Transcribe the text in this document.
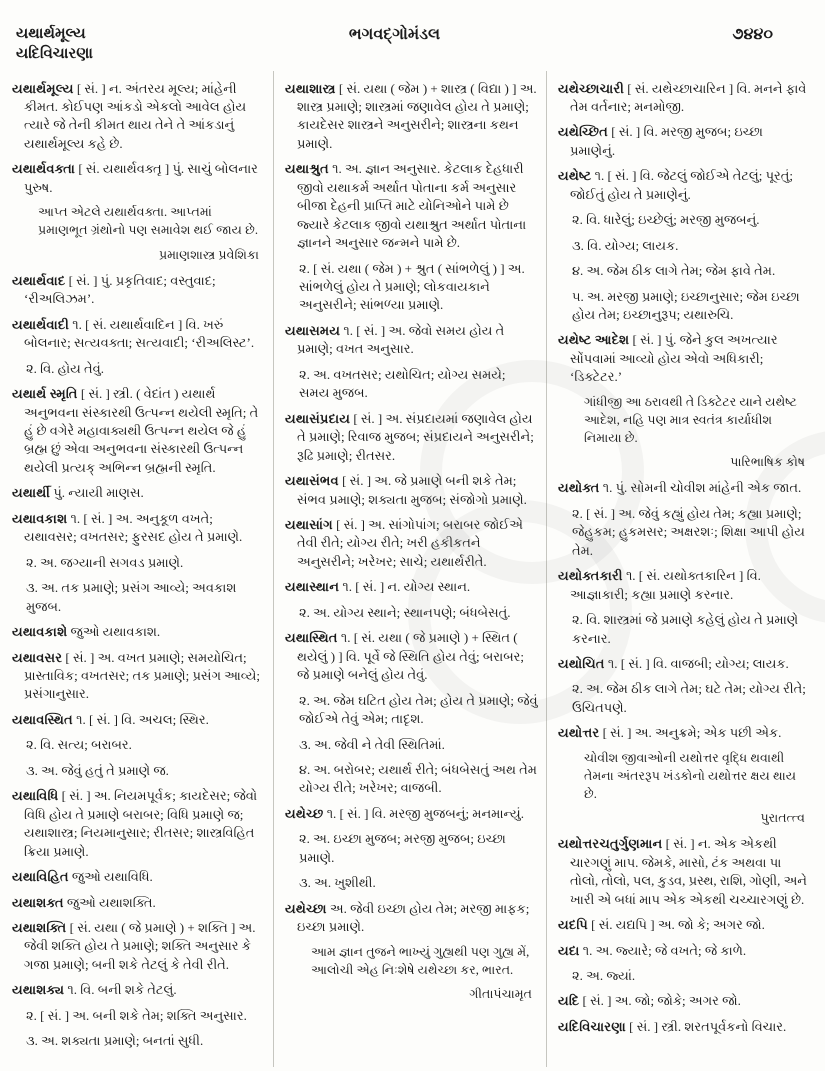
યથાર્થમૂલ્ય
યદિવિચારણા
ભગવદ્ગોમંડલ	૭૪૪૦

યથાર્થમૂલ્ય [ સં. ] ન. અંતરય મૂલ્ય; માંહેની કીમત. કોઈપણ આંકડો એકલો આવેલ હોય ત્યારે જે તેની કીમત થાય તેને તે આંકડાનું યથાર્થમૂલ્ય કહે છે.

યથાર્થવક્તા [ સં. યથાર્થવક્તૃ ] પું. સાચું બોલનાર પુરુષ.

આપ્ત એટલે યથાર્થવક્તા. આપ્તમાં પ્રમાણભૂત ગ્રંથોનો પણ સમાવેશ થઈ જાય છે.

પ્રમાણશાસ્ત્ર પ્રવેશિકા

યથાર્થવાદ [ સં. ] પું. પ્રકૃતિવાદ; વસ્તુવાદ; ‘રીઅલિઝમ’.

યથાર્થવાદી ૧. [ સં. યથાર્થવાદિન ] વિ. ખરું બોલનાર; સત્યવક્તા; સત્યવાદી; ‘રીઅલિસ્ટ’.

૨. વિ. હોય તેવું.

યથાર્થ સ્મૃતિ [ સં. ] સ્ત્રી. ( વેદાંત ) યથાર્થ અનુભવના સંસ્કારથી ઉત્પન્ન થયેલી સ્મૃતિ; તે હું છે વગેરે મહાવાક્યથી ઉત્પન્ન થયેલ જે હું બ્રહ્મ છું એવા અનુભવના સંસ્કારથી ઉત્પન્ન થયેલી પ્રત્યક્ અભિન્ન બ્રહ્મની સ્મૃતિ.

યથાર્થી પું. ન્યાયી માણસ.

યથાવકાશ ૧. [ સં. ] અ. અનુકૂળ વખતે; યથાવસર; વખતસર; ફુરસદ હોય તે પ્રમાણે.

૨. અ. જગ્યાની સગવડ પ્રમાણે.

૩. અ. તક પ્રમાણે; પ્રસંગ આવ્યે; અવકાશ મુજબ.

યથાવકાશે જુઓ યથાવકાશ.

યથાવસર [ સં. ] અ. વખત પ્રમાણે; સમયોચિત; પ્રાસ્તાવિક; વખતસર; તક પ્રમાણે; પ્રસંગ આવ્યે; પ્રસંગાનુસાર.

યથાવસ્થિત ૧. [ સં. ] વિ. અચલ; સ્થિર.

૨. વિ. સત્ય; બરાબર.

૩. અ. જેવું હતું તે પ્રમાણે જ.

યથાવિધિ [ સં. ] અ. નિયમપૂર્વક; કાયદેસર; જેવો વિધિ હોય તે પ્રમાણે બરાબર; વિધિ પ્રમાણે જ; યથાશાસ્ત્ર; નિયમાનુસાર; રીતસર; શાસ્ત્રવિહિત ક્રિયા પ્રમાણે.

યથાવિહિત જુઓ યથાવિધિ.

યથાશક્ત જુઓ યથાશક્તિ.

યથાશક્તિ [ સં. યથા ( જે પ્રમાણે ) + શક્તિ ] અ. જેવી શક્તિ હોય તે પ્રમાણે; શક્તિ અનુસાર કે ગજા પ્રમાણે; બની શકે તેટલું કે તેવી રીતે.

યથાશક્ય ૧. વિ. બની શકે તેટલું.

૨. [ સં. ] અ. બની શકે તેમ; શક્તિ અનુસાર.

૩. અ. શક્યતા પ્રમાણે; બનતાં સુધી.

યથાશાસ્ત્ર [ સં. યથા ( જેમ ) + શાસ્ત્ર ( વિદ્યા ) ] અ. શાસ્ત્ર પ્રમાણે; શાસ્ત્રમાં જણાવેલ હોય તે પ્રમાણે; કાયદેસર શાસ્ત્રને અનુસરીને; શાસ્ત્રના કથન પ્રમાણે.

યથાશ્રુત ૧. અ. જ્ઞાન અનુસાર. કેટલાક દેહધારી જીવો યથાકર્મ અર્થાત પોતાના કર્મ અનુસાર બીજા દેહની પ્રાપ્તિ માટે યોનિઓને પામે છે જ્યારે કેટલાક જીવો યથાશ્રુત અર્થાત પોતાના જ્ઞાનને અનુસાર જન્મને પામે છે.

૨. [ સં. યથા ( જેમ ) + શ્રુત ( સાંભળેલું ) ] અ. સાંભળેલું હોય તે પ્રમાણે; લોકવાયકાને અનુસરીને; સાંભળ્યા પ્રમાણે.

યથાસમય ૧. [ સં. ] અ. જેવો સમય હોય તે પ્રમાણે; વખત અનુસાર.

૨. અ. વખતસર; યથોચિત; યોગ્ય સમયે; સમય મુજબ.

યથાસંપ્રદાય [ સં. ] અ. સંપ્રદાયમાં જણાવેલ હોય તે પ્રમાણે; રિવાજ મુજબ; સંપ્રદાયને અનુસરીને; રૂઢિ પ્રમાણે; રીતસર.

યથાસંભવ [ સં. ] અ. જે પ્રમાણે બની શકે તેમ; સંભવ પ્રમાણે; શક્યતા મુજબ; સંજોગો પ્રમાણે.

યથાસાંગ [ સં. ] અ. સાંગોપાંગ; બરાબર જોઈએ તેવી રીતે; યોગ્ય રીતે; ખરી હકીકતને અનુસરીને; ખરેખર; સાચે; યથાર્થરીતે.

યથાસ્થાન ૧. [ સં. ] ન. યોગ્ય સ્થાન.

૨. અ. યોગ્ય સ્થાને; સ્થાનપણે; બંધબેસતું.

યથાસ્થિત ૧. [ સં. યથા ( જે પ્રમાણે ) + સ્થિત ( થયેલું ) ] વિ. પૂર્વે જે સ્થિતિ હોય તેવું; બરાબર; જે પ્રમાણે બનેલું હોય તેવું.

૨. અ. જેમ ઘટિત હોય તેમ; હોય તે પ્રમાણે; જેવું જોઈએ તેવું એમ; તાદૃશ.

૩. અ. જેવી ને તેવી સ્થિતિમાં.

૪. અ. બરોબર; યથાર્થ રીતે; બંધબેસતું અથ તેમ યોગ્ય રીતે; ખરેખર; વાજબી.

યથેચ્છ ૧. [ સં. ] વિ. મરજી મુજબનું; મનમાન્યું.

૨. અ. ઇચ્છા મુજબ; મરજી મુજબ; ઇચ્છા પ્રમાણે.

૩. અ. ખુશીથી.

યથેચ્છા અ. જેવી ઇચ્છા હોય તેમ; મરજી માફક; ઇચ્છા પ્રમાણે.

આમ જ્ઞાન તુજને ભાખ્યું ગુહ્યથી પણ ગુહ્ય મેં, આલોચી એહ નિઃશેષે યથેચ્છા કર, ભારત.

ગીતાપંચામૃત

યથેચ્છાચારી [ સં. યથેચ્છાચારિન ] વિ. મનને ફાવે તેમ વર્તનાર; મનમોજી.

યથેચ્છિત [ સં. ] વિ. મરજી મુજબ; ઇચ્છા પ્રમાણેનું.

યથેષ્ટ ૧. [ સં. ] વિ. જેટલું જોઈએ તેટલું; પૂરતું; જોઈતું હોય તે પ્રમાણેનું.

૨. વિ. ધારેલું; ઇચ્છેલું; મરજી મુજબનું.

૩. વિ. યોગ્ય; લાયક.

૪. અ. જેમ ઠીક લાગે તેમ; જેમ ફાવે તેમ.

૫. અ. મરજી પ્રમાણે; ઇચ્છાનુસાર; જેમ ઇચ્છા હોય તેમ; ઇચ્છાનુરૂપ; યથારુચિ.

યથેષ્ટ આદેશ [ સં. ] પું. જેને કુલ અખત્યાર સોંપવામાં આવ્યો હોય એવો અધિકારી; ‘ડિક્ટેટર.’

ગાંધીજી આ ઠરાવથી તે ડિક્ટેટર યાને યથેષ્ટ આદેશ, નહિ પણ માત્ર સ્વતંત્ર કાર્યાધીશ નિમાયા છે.

પારિભાષિક કોષ

યથોક્ત ૧. પું. સોમની ચોવીશ માંહેની એક જાત.

૨. [ સં. ] અ. જેવું કહ્યું હોય તેમ; કહ્યા પ્રમાણે; જેહુકમ; હુકમસર; અક્ષરશઃ; શિક્ષા આપી હોય તેમ.

યથોક્તકારી ૧. [ સં. યથોક્તકારિન ] વિ. આજ્ઞાકારી; કહ્યા પ્રમાણે કરનાર.

૨. વિ. શાસ્ત્રમાં જે પ્રમાણે કહેલું હોય તે પ્રમાણે કરનાર.

યથોચિત ૧. [ સં. ] વિ. વાજબી; યોગ્ય; લાયક.

૨. અ. જેમ ઠીક લાગે તેમ; ઘટે તેમ; યોગ્ય રીતે; ઉચિતપણે.

યથોત્તર [ સં. ] અ. અનુક્રમે; એક પછી એક.

ચોવીશ જીવાઓની યથોત્તર વૃદ્ધિ થવાથી તેમના અંતરરૂપ ખંડકોનો યથોત્તર ક્ષય થાય છે.

પુરાતત્ત્વ

યથોત્તરચતુર્ગુણમાન [ સં. ] ન. એક એકથી ચારગણું માપ. જેમકે, માસો, ટંક અથવા પા તોલો, તોલો, પલ, કુડવ, પ્રસ્થ, રાશિ, ગોણી, અને ખારી એ બધાં માપ એક એકથી ચચ્ચારગણું છે.

યદપિ [ સં. યદ્યપિ ] અ. જો કે; અગર જો.

યદા ૧. અ. જ્યારે; જે વખતે; જે કાળે.

૨. અ. જ્યાં.

યદિ [ સં. ] અ. જો; જોકે; અગર જો.

યદિવિચારણા [ સં. ] સ્ત્રી. શરતપૂર્વકનો વિચાર.
